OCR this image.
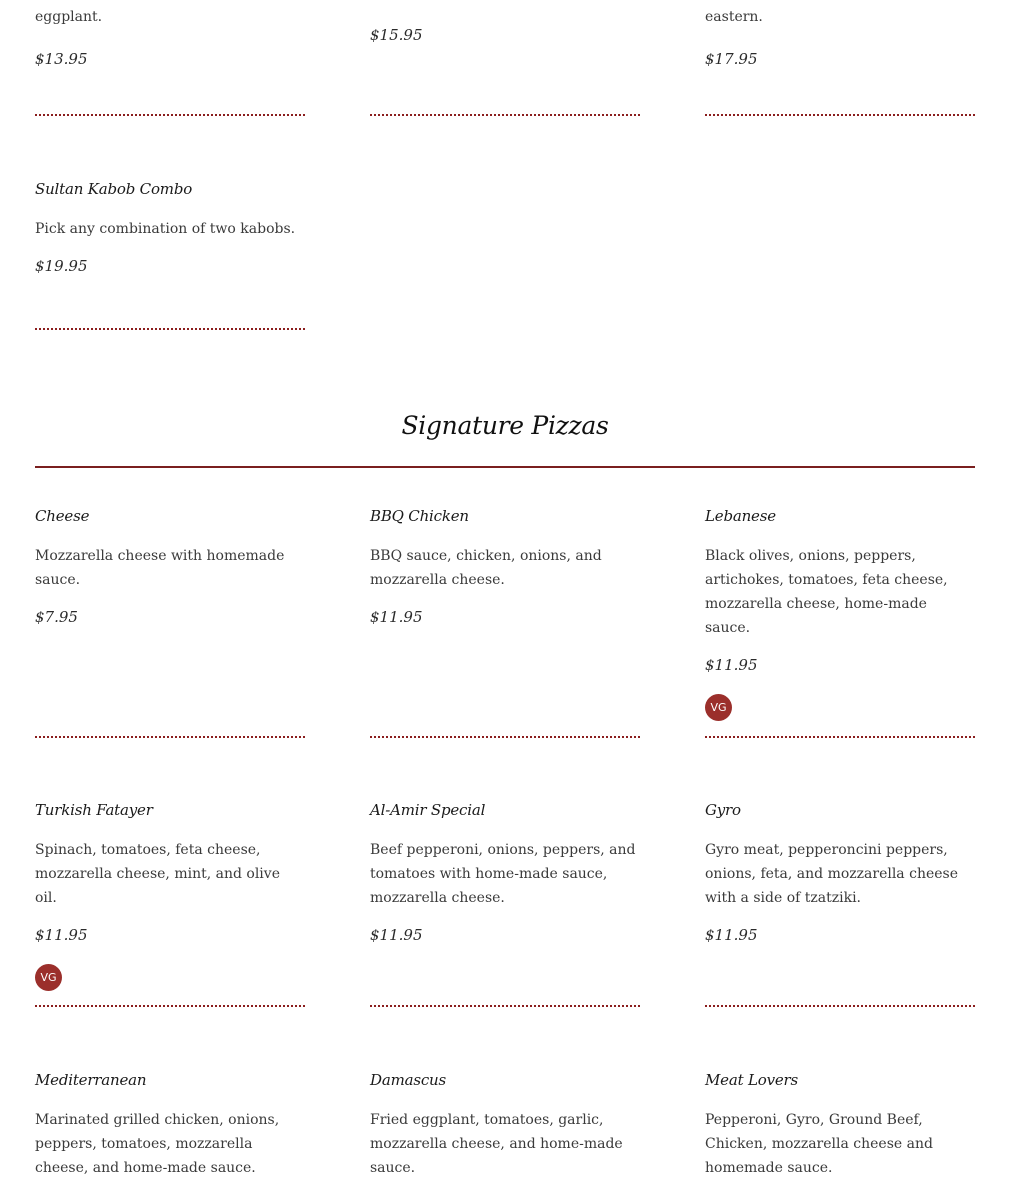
eggplant.
$13.95
$15.95
eastern.
$17.95
Sultan Kabob Combo
Pick any combination of two kabobs.
$19.95
Signature Pizzas
Cheese
Mozzarella cheese with homemade sauce.
$7.95
BBQ Chicken
BBQ sauce, chicken, onions, and mozzarella cheese.
$11.95
Lebanese
Black olives, onions, peppers, artichokes, tomatoes, feta cheese, mozzarella cheese, home-made sauce.
$11.95
VG
Turkish Fatayer
Spinach, tomatoes, feta cheese, mozzarella cheese, mint, and olive oil.
$11.95
VG
Al-Amir Special
Beef pepperoni, onions, peppers, and tomatoes with home-made sauce, mozzarella cheese.
$11.95
Gyro
Gyro meat, pepperoncini peppers, onions, feta, and mozzarella cheese with a side of tzatziki.
$11.95
Mediterranean
Marinated grilled chicken, onions, peppers, tomatoes, mozzarella cheese, and home-made sauce.
Damascus
Fried eggplant, tomatoes, garlic, mozzarella cheese, and home-made sauce.
Meat Lovers
Pepperoni, Gyro, Ground Beef, Chicken, mozzarella cheese and homemade sauce.
